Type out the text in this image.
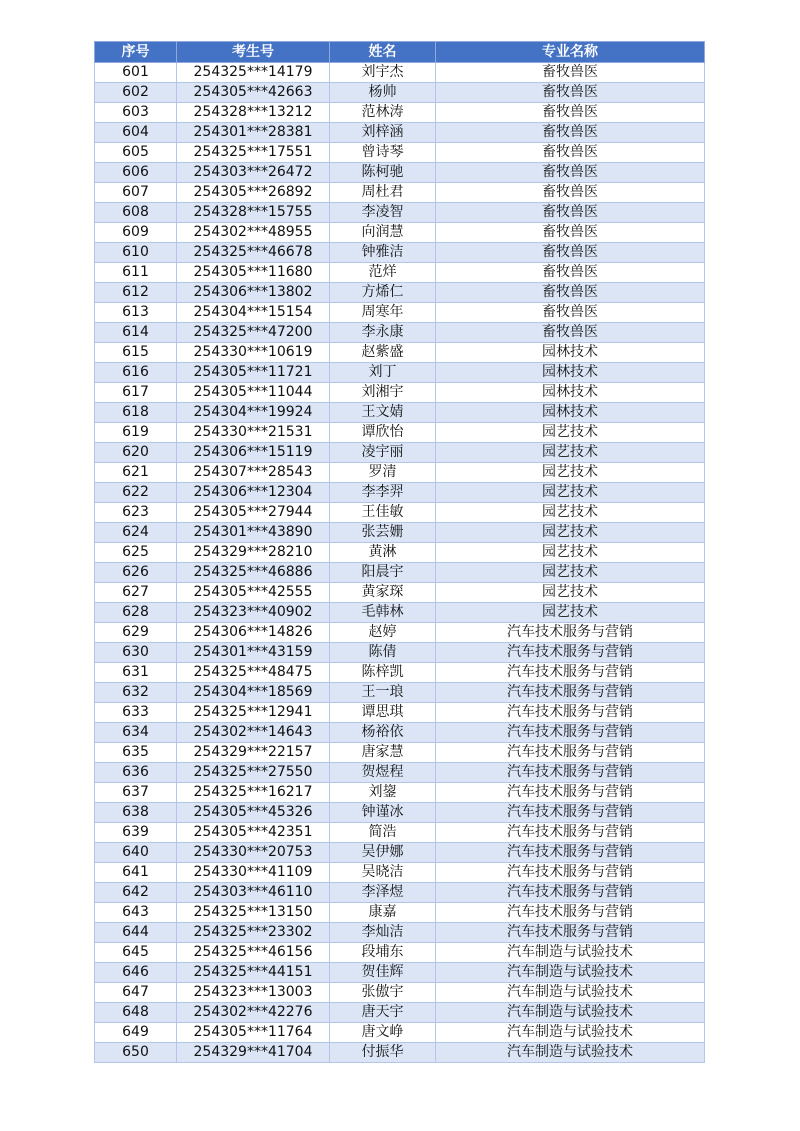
序号	考生号	姓名	专业名称
601	254325***14179	刘宇杰	畜牧兽医
602	254305***42663	杨帅	畜牧兽医
603	254328***13212	范林涛	畜牧兽医
604	254301***28381	刘梓涵	畜牧兽医
605	254325***17551	曾诗琴	畜牧兽医
606	254303***26472	陈柯驰	畜牧兽医
607	254305***26892	周杜君	畜牧兽医
608	254328***15755	李凌智	畜牧兽医
609	254302***48955	向润慧	畜牧兽医
610	254325***46678	钟雅洁	畜牧兽医
611	254305***11680	范烊	畜牧兽医
612	254306***13802	方烯仁	畜牧兽医
613	254304***15154	周寒年	畜牧兽医
614	254325***47200	李永康	畜牧兽医
615	254330***10619	赵紫盛	园林技术
616	254305***11721	刘丁	园林技术
617	254305***11044	刘湘宇	园林技术
618	254304***19924	王文婧	园林技术
619	254330***21531	谭欣怡	园艺技术
620	254306***15119	凌宇丽	园艺技术
621	254307***28543	罗清	园艺技术
622	254306***12304	李李羿	园艺技术
623	254305***27944	王佳敏	园艺技术
624	254301***43890	张芸姗	园艺技术
625	254329***28210	黄淋	园艺技术
626	254325***46886	阳晨宇	园艺技术
627	254305***42555	黄家琛	园艺技术
628	254323***40902	毛韩林	园艺技术
629	254306***14826	赵婷	汽车技术服务与营销
630	254301***43159	陈倩	汽车技术服务与营销
631	254325***48475	陈梓凯	汽车技术服务与营销
632	254304***18569	王一琅	汽车技术服务与营销
633	254325***12941	谭思琪	汽车技术服务与营销
634	254302***14643	杨裕依	汽车技术服务与营销
635	254329***22157	唐家慧	汽车技术服务与营销
636	254325***27550	贺煜程	汽车技术服务与营销
637	254325***16217	刘鋆	汽车技术服务与营销
638	254305***45326	钟谨冰	汽车技术服务与营销
639	254305***42351	简浩	汽车技术服务与营销
640	254330***20753	吴伊娜	汽车技术服务与营销
641	254330***41109	吴晓洁	汽车技术服务与营销
642	254303***46110	李泽煜	汽车技术服务与营销
643	254325***13150	康嘉	汽车技术服务与营销
644	254325***23302	李灿洁	汽车技术服务与营销
645	254325***46156	段埔东	汽车制造与试验技术
646	254325***44151	贺佳辉	汽车制造与试验技术
647	254323***13003	张傲宇	汽车制造与试验技术
648	254302***42276	唐天宇	汽车制造与试验技术
649	254305***11764	唐文峥	汽车制造与试验技术
650	254329***41704	付振华	汽车制造与试验技术
